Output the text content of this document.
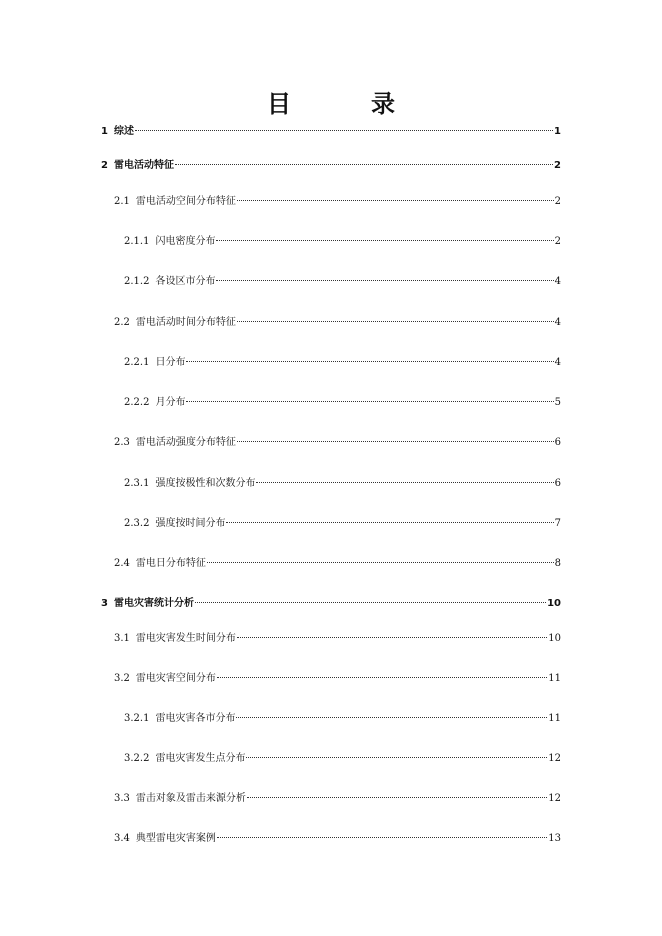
目　录
1 综述	1
2 雷电活动特征	2
2.1 雷电活动空间分布特征	2
2.1.1 闪电密度分布	2
2.1.2 各设区市分布	4
2.2 雷电活动时间分布特征	4
2.2.1 日分布	4
2.2.2 月分布	5
2.3 雷电活动强度分布特征	6
2.3.1 强度按极性和次数分布	6
2.3.2 强度按时间分布	7
2.4 雷电日分布特征	8
3 雷电灾害统计分析	10
3.1 雷电灾害发生时间分布	10
3.2 雷电灾害空间分布	11
3.2.1 雷电灾害各市分布	11
3.2.2 雷电灾害发生点分布	12
3.3 雷击对象及雷击来源分析	12
3.4 典型雷电灾害案例	13
